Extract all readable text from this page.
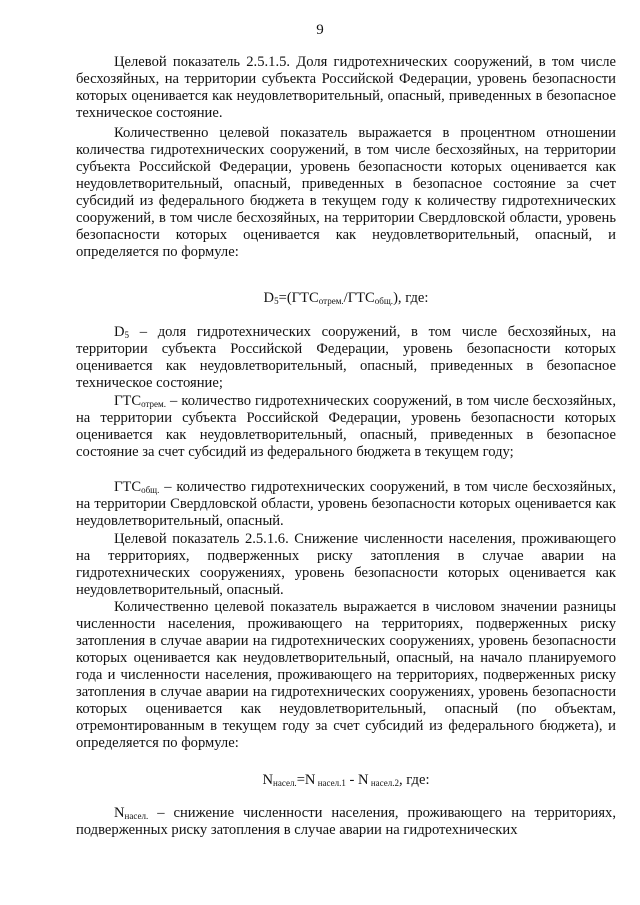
9

Целевой показатель 2.5.1.5. Доля гидротехнических сооружений, в том числе бесхозяйных, на территории субъекта Российской Федерации, уровень безопасности которых оценивается как неудовлетворительный, опасный, приведенных в безопасное техническое состояние.

Количественно целевой показатель выражается в процентном отношении количества гидротехнических сооружений, в том числе бесхозяйных, на территории субъекта Российской Федерации, уровень безопасности которых оценивается как неудовлетворительный, опасный, приведенных в безопасное состояние за счет субсидий из федерального бюджета в текущем году к количеству гидротехнических сооружений, в том числе бесхозяйных, на территории Свердловской области, уровень безопасности которых оценивается как неудовлетворительный, опасный, и определяется по формуле:

$D_5=(ГТС_{отрем.}/ГТС_{общ.})$, где:

$D_5$ – доля гидротехнических сооружений, в том числе бесхозяйных, на территории субъекта Российской Федерации, уровень безопасности которых оценивается как неудовлетворительный, опасный, приведенных в безопасное техническое состояние;

$ГТС_{отрем.}$ – количество гидротехнических сооружений, в том числе бесхозяйных, на территории субъекта Российской Федерации, уровень безопасности которых оценивается как неудовлетворительный, опасный, приведенных в безопасное состояние за счет субсидий из федерального бюджета в текущем году;

$ГТС_{общ.}$ – количество гидротехнических сооружений, в том числе бесхозяйных, на территории Свердловской области, уровень безопасности которых оценивается как неудовлетворительный, опасный.

Целевой показатель 2.5.1.6. Снижение численности населения, проживающего на территориях, подверженных риску затопления в случае аварии на гидротехнических сооружениях, уровень безопасности которых оценивается как неудовлетворительный, опасный.

Количественно целевой показатель выражается в числовом значении разницы численности населения, проживающего на территориях, подверженных риску затопления в случае аварии на гидротехнических сооружениях, уровень безопасности которых оценивается как неудовлетворительный, опасный, на начало планируемого года и численности населения, проживающего на территориях, подверженных риску затопления в случае аварии на гидротехнических сооружениях, уровень безопасности которых оценивается как неудовлетворительный, опасный (по объектам, отремонтированным в текущем году за счет субсидий из федерального бюджета), и определяется по формуле:

$N_{насел.}=N$ $_{насел.1}$ - N $_{насел.2}$, где:

$N_{насел.}$ – снижение численности населения, проживающего на территориях, подверженных риску затопления в случае аварии на гидротехнических
